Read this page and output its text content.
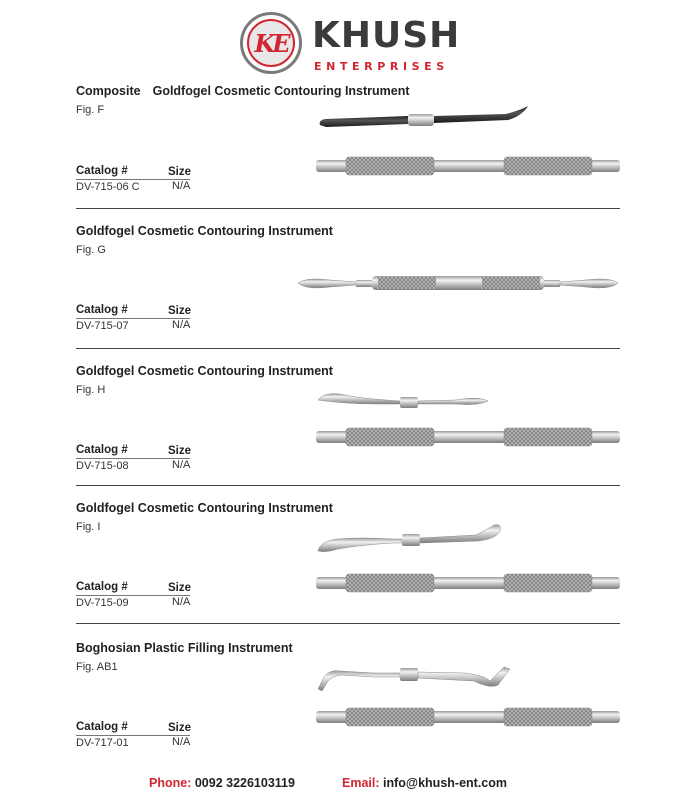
KE KHUSH
ENTERPRISES
Composite Goldfogel Cosmetic Contouring Instrument
Fig. F
Catalog #	Size
DV-715-06 C	N/A
Goldfogel Cosmetic Contouring Instrument
Fig. G
Catalog #	Size
DV-715-07	N/A
Goldfogel Cosmetic Contouring Instrument
Fig. H
Catalog #	Size
DV-715-08	N/A
Goldfogel Cosmetic Contouring Instrument
Fig. I
Catalog #	Size
DV-715-09	N/A
Boghosian Plastic Filling Instrument
Fig. AB1
Catalog #	Size
DV-717-01	N/A
Phone: 0092 3226103119	Email: info@khush-ent.com
